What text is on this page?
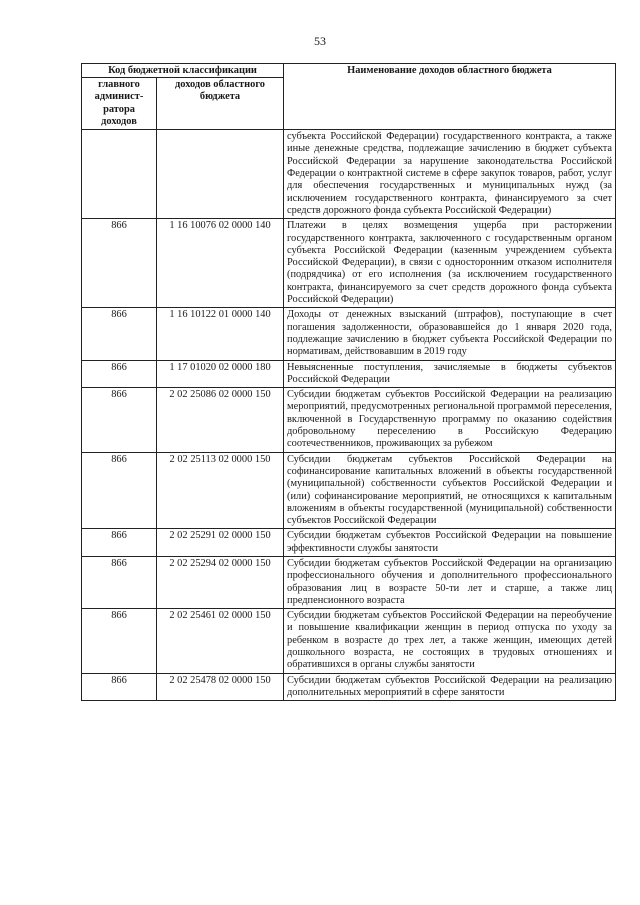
53
Код бюджетной классификации		Наименование доходов областного бюджета
главного админист-ратора доходов	доходов областного бюджета	
		субъекта Российской Федерации) государственного контракта, а также иные денежные средства, подлежащие зачислению в бюджет субъекта Российской Федерации за нарушение законодательства Российской Федерации о контрактной системе в сфере закупок товаров, работ, услуг для обеспечения государственных и муниципальных нужд (за исключением государственного контракта, финансируемого за счет средств дорожного фонда субъекта Российской Федерации)
866	1 16 10076 02 0000 140	Платежи в целях возмещения ущерба при расторжении государственного контракта, заключенного с государственным органом субъекта Российской Федерации (казенным учреждением субъекта Российской Федерации), в связи с односторонним отказом исполнителя (подрядчика) от его исполнения (за исключением государственного контракта, финансируемого за счет средств дорожного фонда субъекта Российской Федерации)
866	1 16 10122 01 0000 140	Доходы от денежных взысканий (штрафов), поступающие в счет погашения задолженности, образовавшейся до 1 января 2020 года, подлежащие зачислению в бюджет субъекта Российской Федерации по нормативам, действовавшим в 2019 году
866	1 17 01020 02 0000 180	Невыясненные поступления, зачисляемые в бюджеты субъектов Российской Федерации
866	2 02 25086 02 0000 150	Субсидии бюджетам субъектов Российской Федерации на реализацию мероприятий, предусмотренных региональной программой переселения, включенной в Государственную программу по оказанию содействия добровольному переселению в Российскую Федерацию соотечественников, проживающих за рубежом
866	2 02 25113 02 0000 150	Субсидии бюджетам субъектов Российской Федерации на софинансирование капитальных вложений в объекты государственной (муниципальной) собственности субъектов Российской Федерации и (или) софинансирование мероприятий, не относящихся к капитальным вложениям в объекты государственной (муниципальной) собственности субъектов Российской Федерации
866	2 02 25291 02 0000 150	Субсидии бюджетам субъектов Российской Федерации на повышение эффективности службы занятости
866	2 02 25294 02 0000 150	Субсидии бюджетам субъектов Российской Федерации на организацию профессионального обучения и дополнительного профессионального образования лиц в возрасте 50-ти лет и старше, а также лиц предпенсионного возраста
866	2 02 25461 02 0000 150	Субсидии бюджетам субъектов Российской Федерации на переобучение и повышение квалификации женщин в период отпуска по уходу за ребенком в возрасте до трех лет, а также женщин, имеющих детей дошкольного возраста, не состоящих в трудовых отношениях и обратившихся в органы службы занятости
866	2 02 25478 02 0000 150	Субсидии бюджетам субъектов Российской Федерации на реализацию дополнительных мероприятий в сфере занятости
